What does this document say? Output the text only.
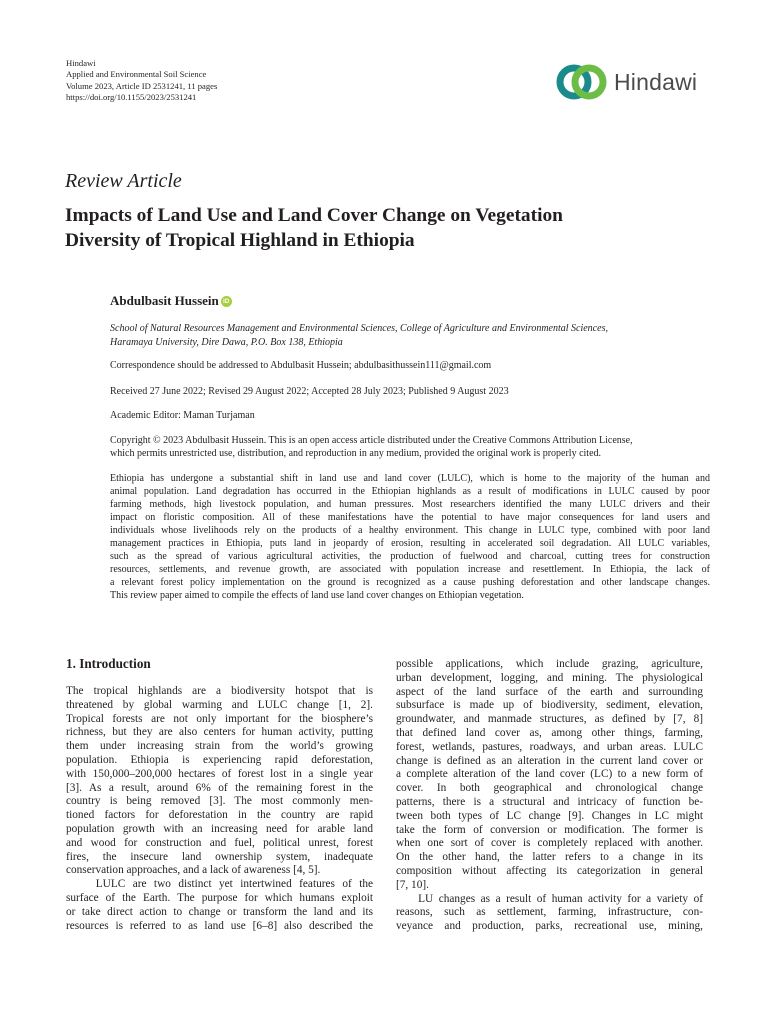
Hindawi
Applied and Environmental Soil Science
Volume 2023, Article ID 2531241, 11 pages
https://doi.org/10.1155/2023/2531241
Hindawi
Review Article
Impacts of Land Use and Land Cover Change on Vegetation
Diversity of Tropical Highland in Ethiopia
Abdulbasit Hussein iD
School of Natural Resources Management and Environmental Sciences, College of Agriculture and Environmental Sciences,
Haramaya University, Dire Dawa, P.O. Box 138, Ethiopia
Correspondence should be addressed to Abdulbasit Hussein; abdulbasithussein111@gmail.com
Received 27 June 2022; Revised 29 August 2022; Accepted 28 July 2023; Published 9 August 2023
Academic Editor: Maman Turjaman
Copyright © 2023 Abdulbasit Hussein. This is an open access article distributed under the Creative Commons Attribution License,
which permits unrestricted use, distribution, and reproduction in any medium, provided the original work is properly cited.
Ethiopia has undergone a substantial shift in land use and land cover (LULC), which is home to the majority of the human and
animal population. Land degradation has occurred in the Ethiopian highlands as a result of modifications in LULC caused by poor
farming methods, high livestock population, and human pressures. Most researchers identified the many LULC drivers and their
impact on floristic composition. All of these manifestations have the potential to have major consequences for land users and
individuals whose livelihoods rely on the products of a healthy environment. This change in LULC type, combined with poor land
management practices in Ethiopia, puts land in jeopardy of erosion, resulting in accelerated soil degradation. All LULC variables,
such as the spread of various agricultural activities, the production of fuelwood and charcoal, cutting trees for construction
resources, settlements, and revenue growth, are associated with population increase and resettlement. In Ethiopia, the lack of
a relevant forest policy implementation on the ground is recognized as a cause pushing deforestation and other landscape changes.
This review paper aimed to compile the effects of land use land cover changes on Ethiopian vegetation.
1. Introduction
The tropical highlands are a biodiversity hotspot that is
threatened by global warming and LULC change [1, 2].
Tropical forests are not only important for the biosphere’s
richness, but they are also centers for human activity, putting
them under increasing strain from the world’s growing
population. Ethiopia is experiencing rapid deforestation,
with 150,000–200,000 hectares of forest lost in a single year
[3]. As a result, around 6% of the remaining forest in the
country is being removed [3]. The most commonly men-
tioned factors for deforestation in the country are rapid
population growth with an increasing need for arable land
and wood for construction and fuel, political unrest, forest
fires, the insecure land ownership system, inadequate
conservation approaches, and a lack of awareness [4, 5].
LULC are two distinct yet intertwined features of the
surface of the Earth. The purpose for which humans exploit
or take direct action to change or transform the land and its
resources is referred to as land use [6–8] also described the
possible applications, which include grazing, agriculture,
urban development, logging, and mining. The physiological
aspect of the land surface of the earth and surrounding
subsurface is made up of biodiversity, sediment, elevation,
groundwater, and manmade structures, as defined by [7, 8]
that defined land cover as, among other things, farming,
forest, wetlands, pastures, roadways, and urban areas. LULC
change is defined as an alteration in the current land cover or
a complete alteration of the land cover (LC) to a new form of
cover. In both geographical and chronological change
patterns, there is a structural and intricacy of function be-
tween both types of LC change [9]. Changes in LC might
take the form of conversion or modification. The former is
when one sort of cover is completely replaced with another.
On the other hand, the latter refers to a change in its
composition without affecting its categorization in general
[7, 10].
LU changes as a result of human activity for a variety of
reasons, such as settlement, farming, infrastructure, con-
veyance and production, parks, recreational use, mining,
